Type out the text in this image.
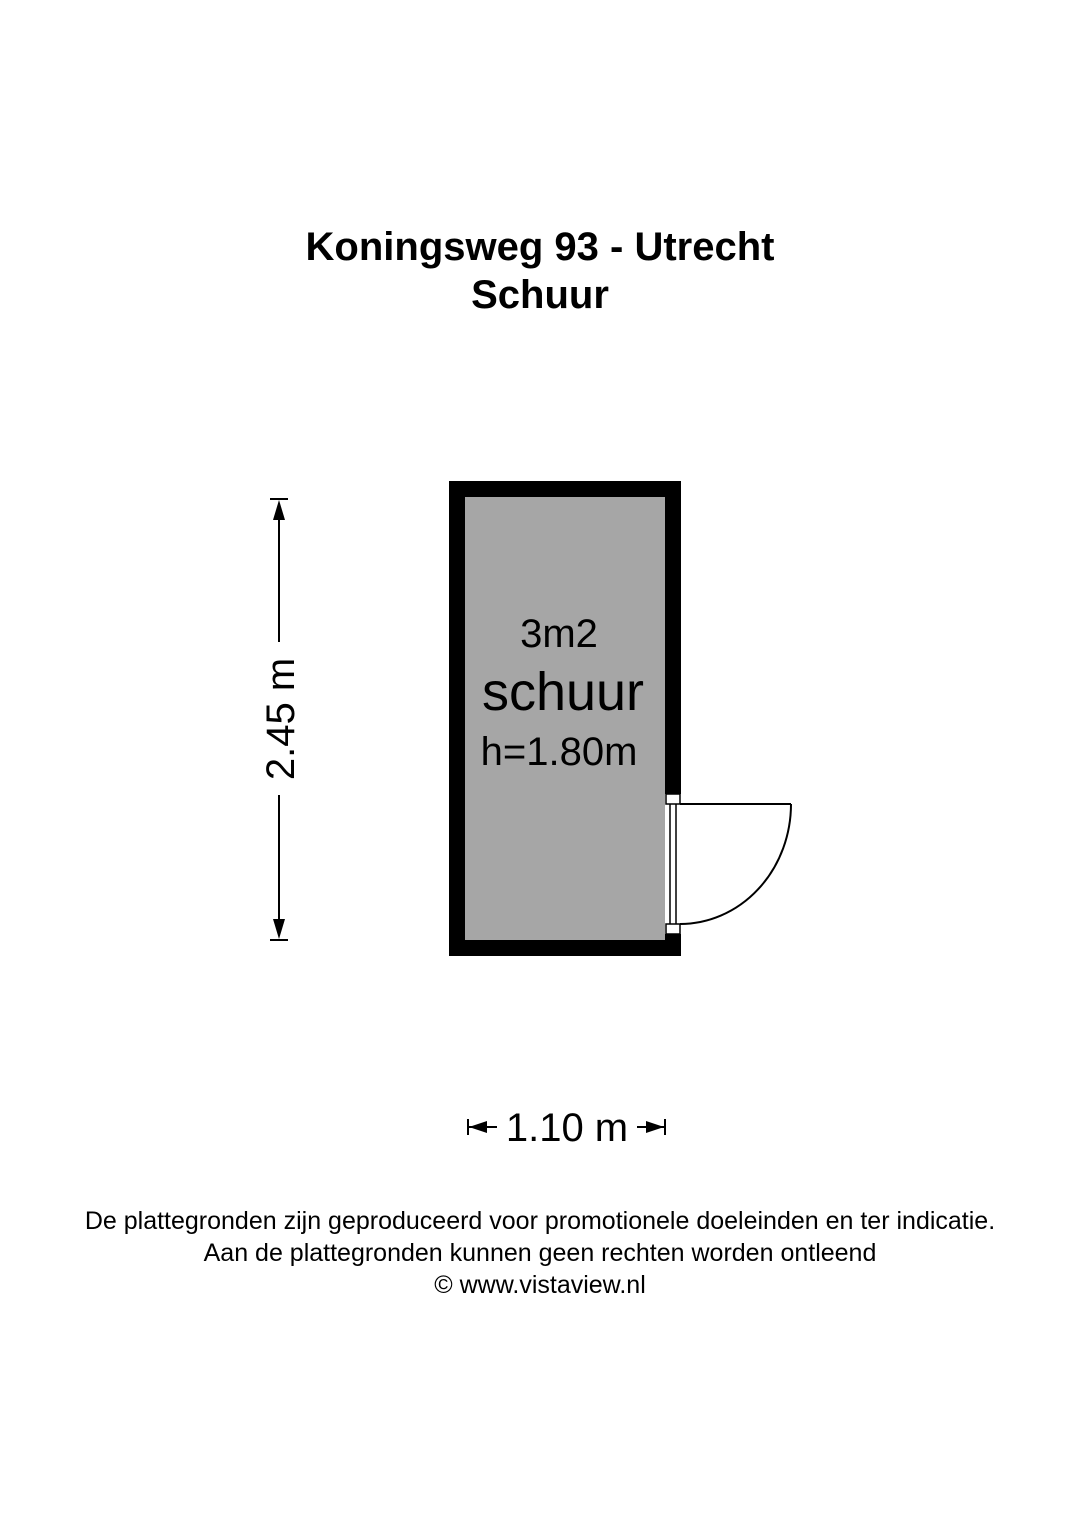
Koningsweg 93 - Utrecht
Schuur
3m2
schuur
h=1.80m
2.45 m
1.10 m
De plattegronden zijn geproduceerd voor promotionele doeleinden en ter indicatie.
Aan de plattegronden kunnen geen rechten worden ontleend
© www.vistaview.nl
